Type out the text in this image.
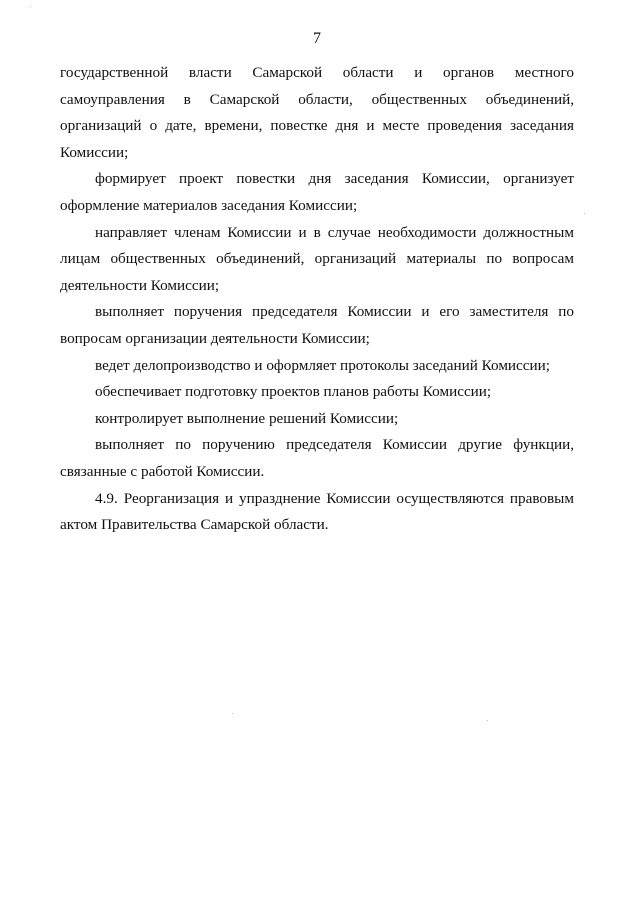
7

государственной власти Самарской области и органов местного самоуправления в Самарской области, общественных объединений, организаций о дате, времени, повестке дня и месте проведения заседания Комиссии;

формирует проект повестки дня заседания Комиссии, организует оформление материалов заседания Комиссии;

направляет членам Комиссии и в случае необходимости должностным лицам общественных объединений, организаций материалы по вопросам деятельности Комиссии;

выполняет поручения председателя Комиссии и его заместителя по вопросам организации деятельности Комиссии;

ведет делопроизводство и оформляет протоколы заседаний Комиссии;

обеспечивает подготовку проектов планов работы Комиссии;

контролирует выполнение решений Комиссии;

выполняет по поручению председателя Комиссии другие функции, связанные с работой Комиссии.

4.9. Реорганизация и упразднение Комиссии осуществляются правовым актом Правительства Самарской области.
